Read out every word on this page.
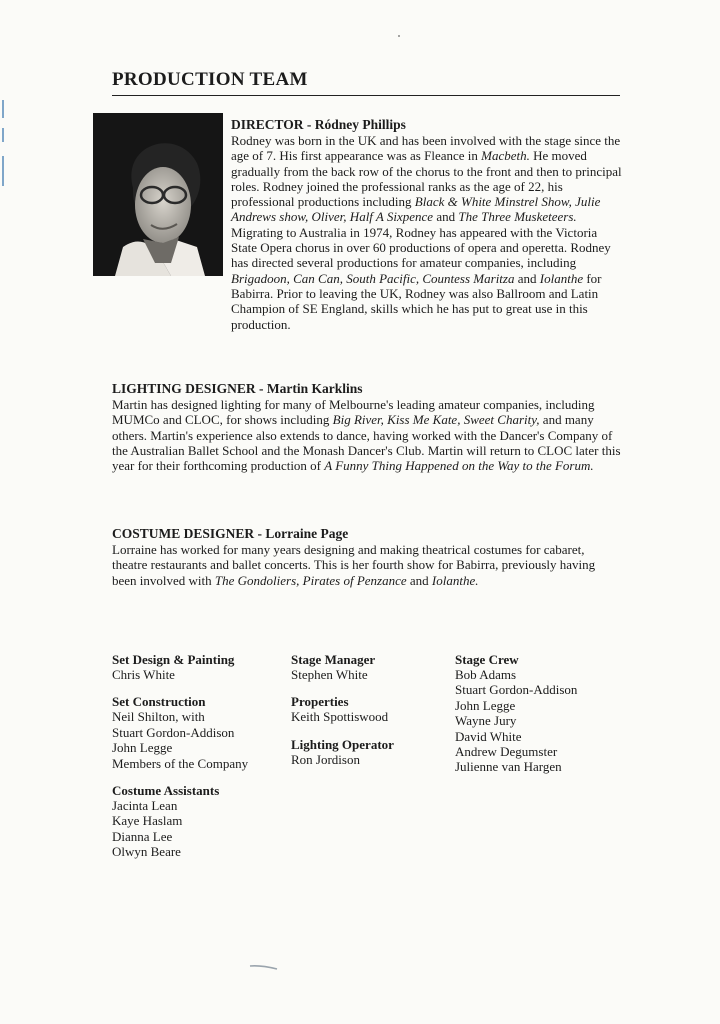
PRODUCTION TEAM

DIRECTOR - Ródney Phillips

Rodney was born in the UK and has been involved with the stage since the age of 7. His first appearance was as Fleance in Macbeth. He moved gradually from the back row of the chorus to the front and then to principal roles. Rodney joined the professional ranks as the age of 22, his professional productions including Black & White Minstrel Show, Julie Andrews show, Oliver, Half A Sixpence and The Three Musketeers. Migrating to Australia in 1974, Rodney has appeared with the Victoria State Opera chorus in over 60 productions of opera and operetta. Rodney has directed several productions for amateur companies, including Brigadoon, Can Can, South Pacific, Countess Maritza and Iolanthe for Babirra. Prior to leaving the UK, Rodney was also Ballroom and Latin Champion of SE England, skills which he has put to great use in this production.

LIGHTING DESIGNER - Martin Karklins

Martin has designed lighting for many of Melbourne's leading amateur companies, including MUMCo and CLOC, for shows including Big River, Kiss Me Kate, Sweet Charity, and many others. Martin's experience also extends to dance, having worked with the Dancer's Company of the Australian Ballet School and the Monash Dancer's Club. Martin will return to CLOC later this year for their forthcoming production of A Funny Thing Happened on the Way to the Forum.

COSTUME DESIGNER - Lorraine Page

Lorraine has worked for many years designing and making theatrical costumes for cabaret, theatre restaurants and ballet concerts. This is her fourth show for Babirra, previously having been involved with The Gondoliers, Pirates of Penzance and Iolanthe.

Set Design & Painting

Chris White

Set Construction

Neil Shilton, with

Stuart Gordon-Addison

John Legge

Members of the Company

Costume Assistants

Jacinta Lean

Kaye Haslam

Dianna Lee

Olwyn Beare

Stage Manager

Stephen White

Properties

Keith Spottiswood

Lighting Operator

Ron Jordison

Stage Crew

Bob Adams

Stuart Gordon-Addison

John Legge

Wayne Jury

David White

Andrew Degumster

Julienne van Hargen
